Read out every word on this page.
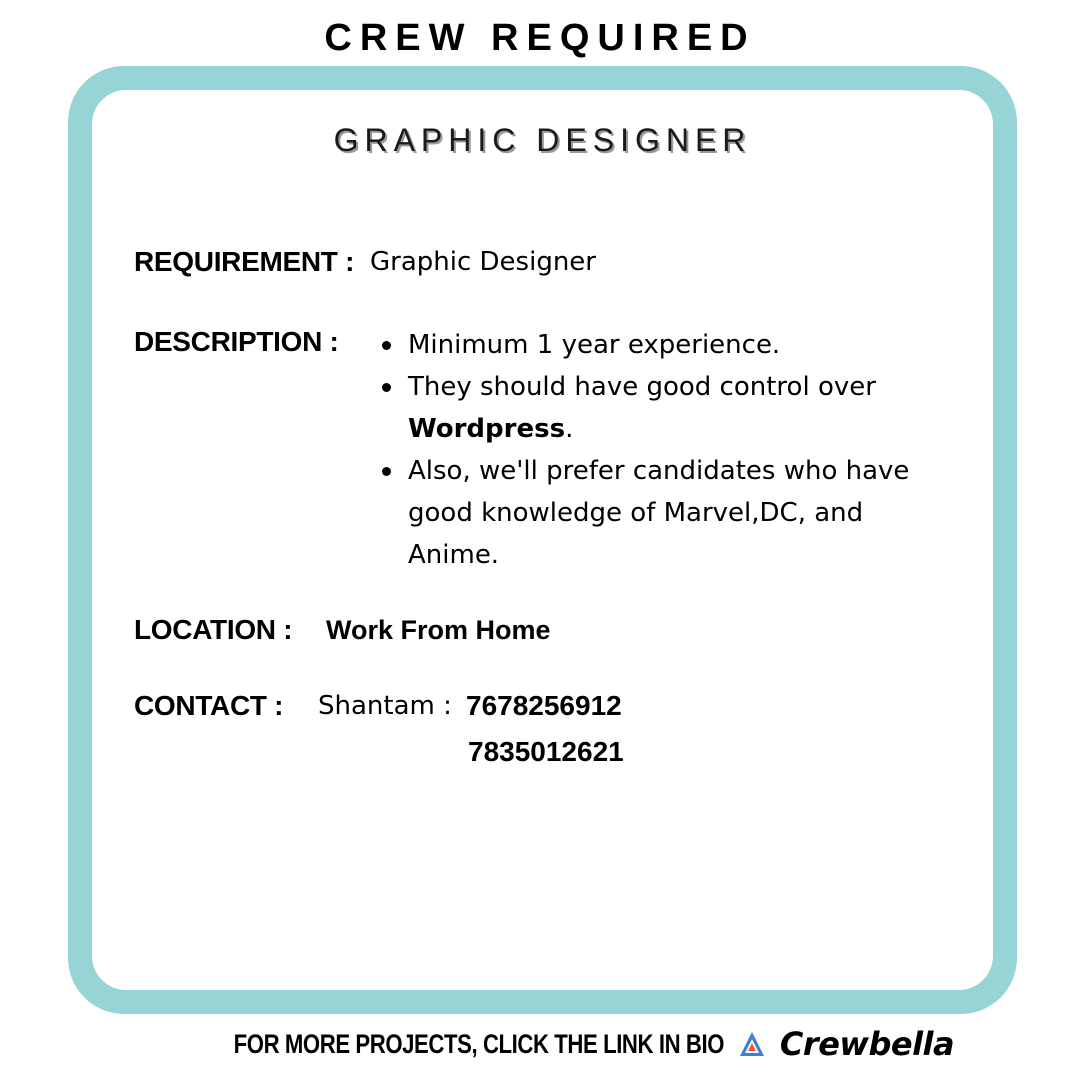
CREW REQUIRED
GRAPHIC DESIGNER
REQUIREMENT : Graphic Designer
DESCRIPTION :	Minimum 1 year experience.
They should have good control over Wordpress.
Also, we'll prefer candidates who have good knowledge of Marvel,DC, and Anime.
LOCATION : Work From Home
CONTACT : Shantam : 7678256912
7835012621
FOR MORE PROJECTS, CLICK THE LINK IN BIO Crewbella
